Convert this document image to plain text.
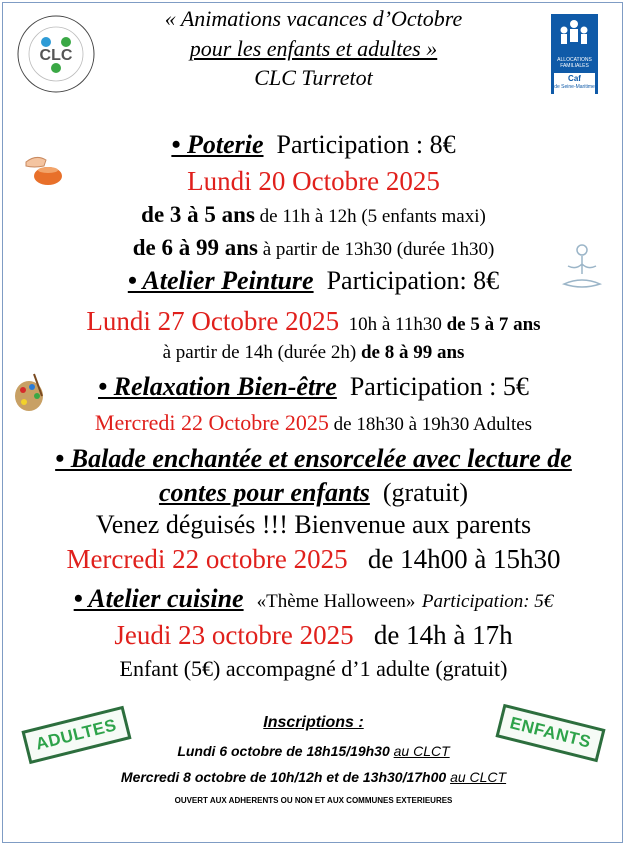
CLC	ALLOCATIONS
FAMILIALES
Caf
de Seine-Maritime
« Animations vacances d’Octobre
pour les enfants et adultes »
CLC Turretot
• Poterie Participation : 8€
Lundi 20 Octobre 2025
de 3 à 5 ans de 11h à 12h (5 enfants maxi)
de 6 à 99 ans à partir de 13h30 (durée 1h30)
• Atelier Peinture Participation: 8€
Lundi 27 Octobre 2025 10h à 11h30 de 5 à 7 ans
à partir de 14h (durée 2h) de 8 à 99 ans
• Relaxation Bien-être Participation : 5€
Mercredi 22 Octobre 2025 de 18h30 à 19h30 Adultes
• Balade enchantée et ensorcelée avec lecture de
contes pour enfants (gratuit)
Venez déguisés !!! Bienvenue aux parents
Mercredi 22 octobre 2025 de 14h00 à 15h30
• Atelier cuisine «Thème Halloween» Participation: 5€
Jeudi 23 octobre 2025 de 14h à 17h
Enfant (5€) accompagné d’1 adulte (gratuit)
ADULTES	ENFANTS
Inscriptions :
Lundi 6 octobre de 18h15/19h30 au CLCT
Mercredi 8 octobre de 10h/12h et de 13h30/17h00 au CLCT
OUVERT AUX ADHERENTS OU NON ET AUX COMMUNES EXTERIEURES
